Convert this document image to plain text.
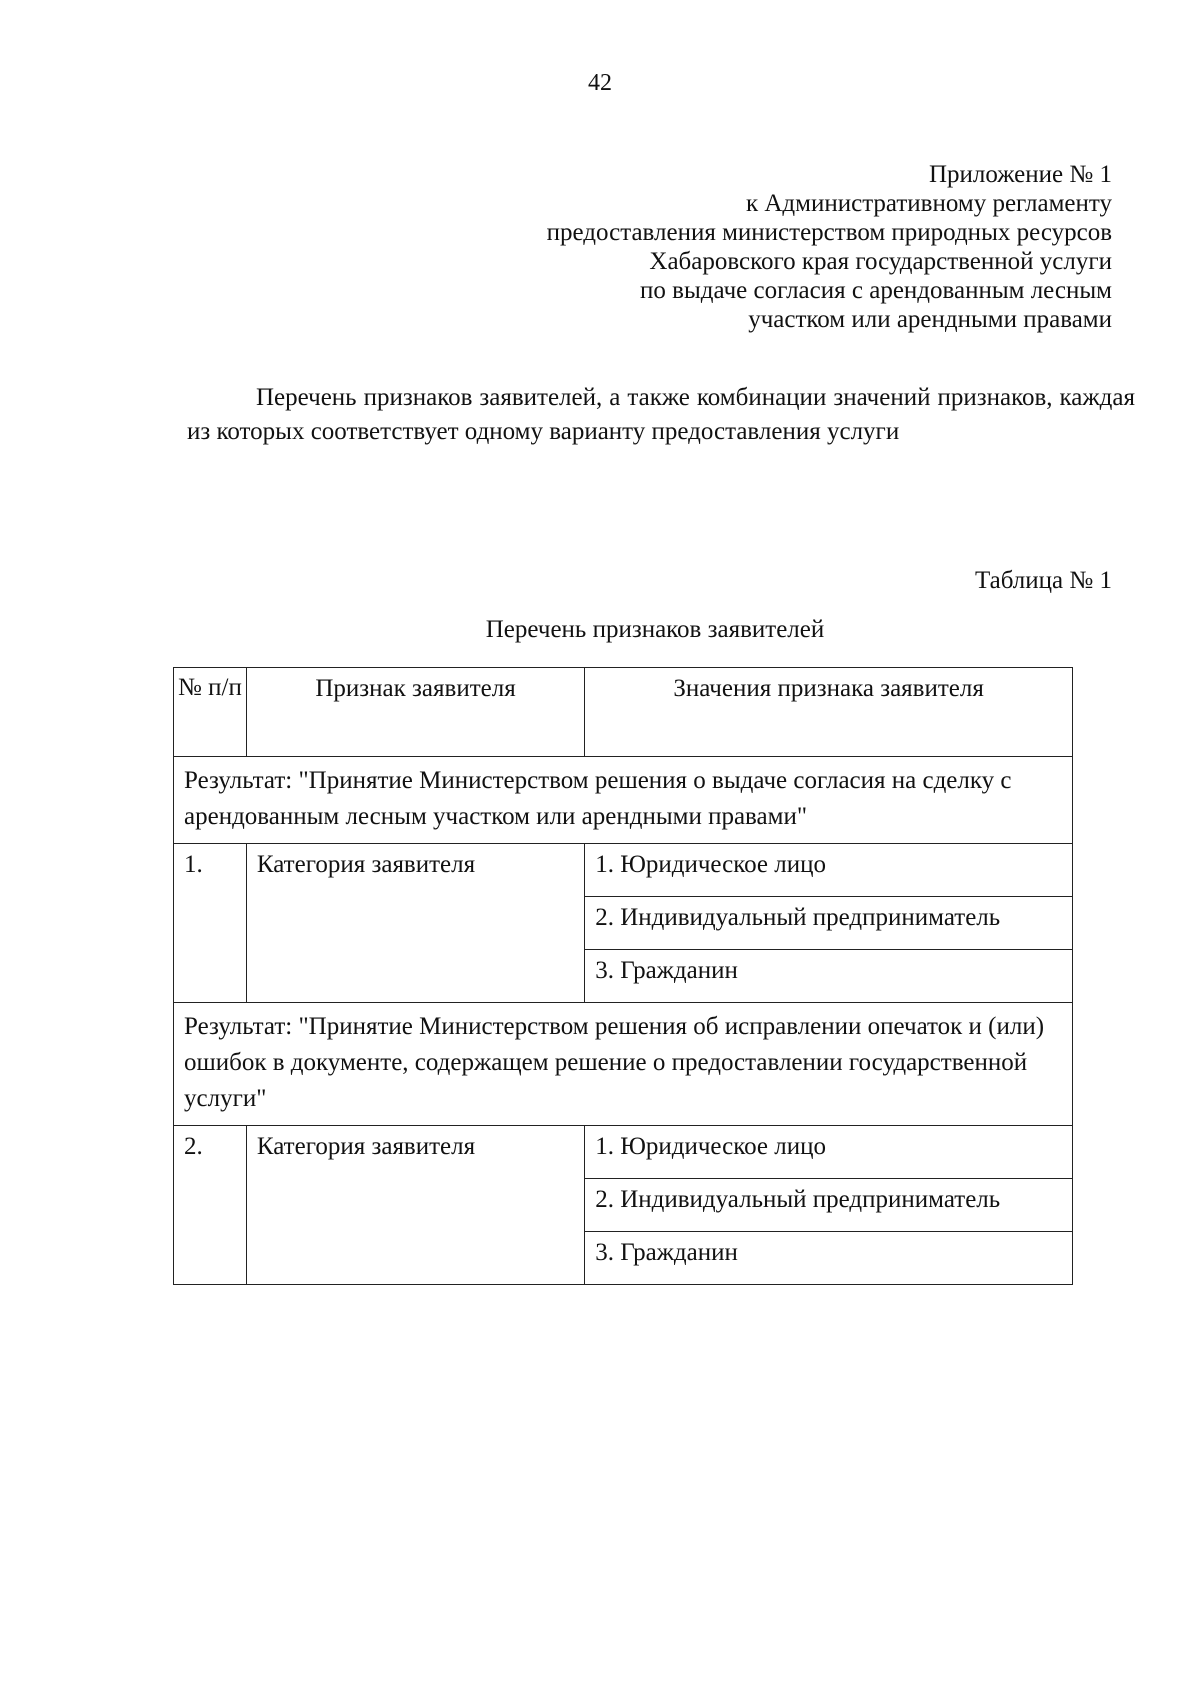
42
Приложение № 1
к Административному регламенту
предоставления министерством природных ресурсов
Хабаровского края государственной услуги
по выдаче согласия с арендованным лесным
участком или арендными правами
Перечень признаков заявителей, а также комбинации значений признаков, каждая из которых соответствует одному варианту предоставления услуги
Таблица № 1
Перечень признаков заявителей
№ п/п	Признак заявителя	Значения признака заявителя
Результат: "Принятие Министерством решения о выдаче согласия на сделку с арендованным лесным участком или арендными правами"		
1.	Категория заявителя	1. Юридическое лицо
		2. Индивидуальный предприниматель
		3. Гражданин
Результат: "Принятие Министерством решения об исправлении опечаток и (или) ошибок в документе, содержащем решение о предоставлении государственной услуги"		
2.	Категория заявителя	1. Юридическое лицо
		2. Индивидуальный предприниматель
		3. Гражданин
